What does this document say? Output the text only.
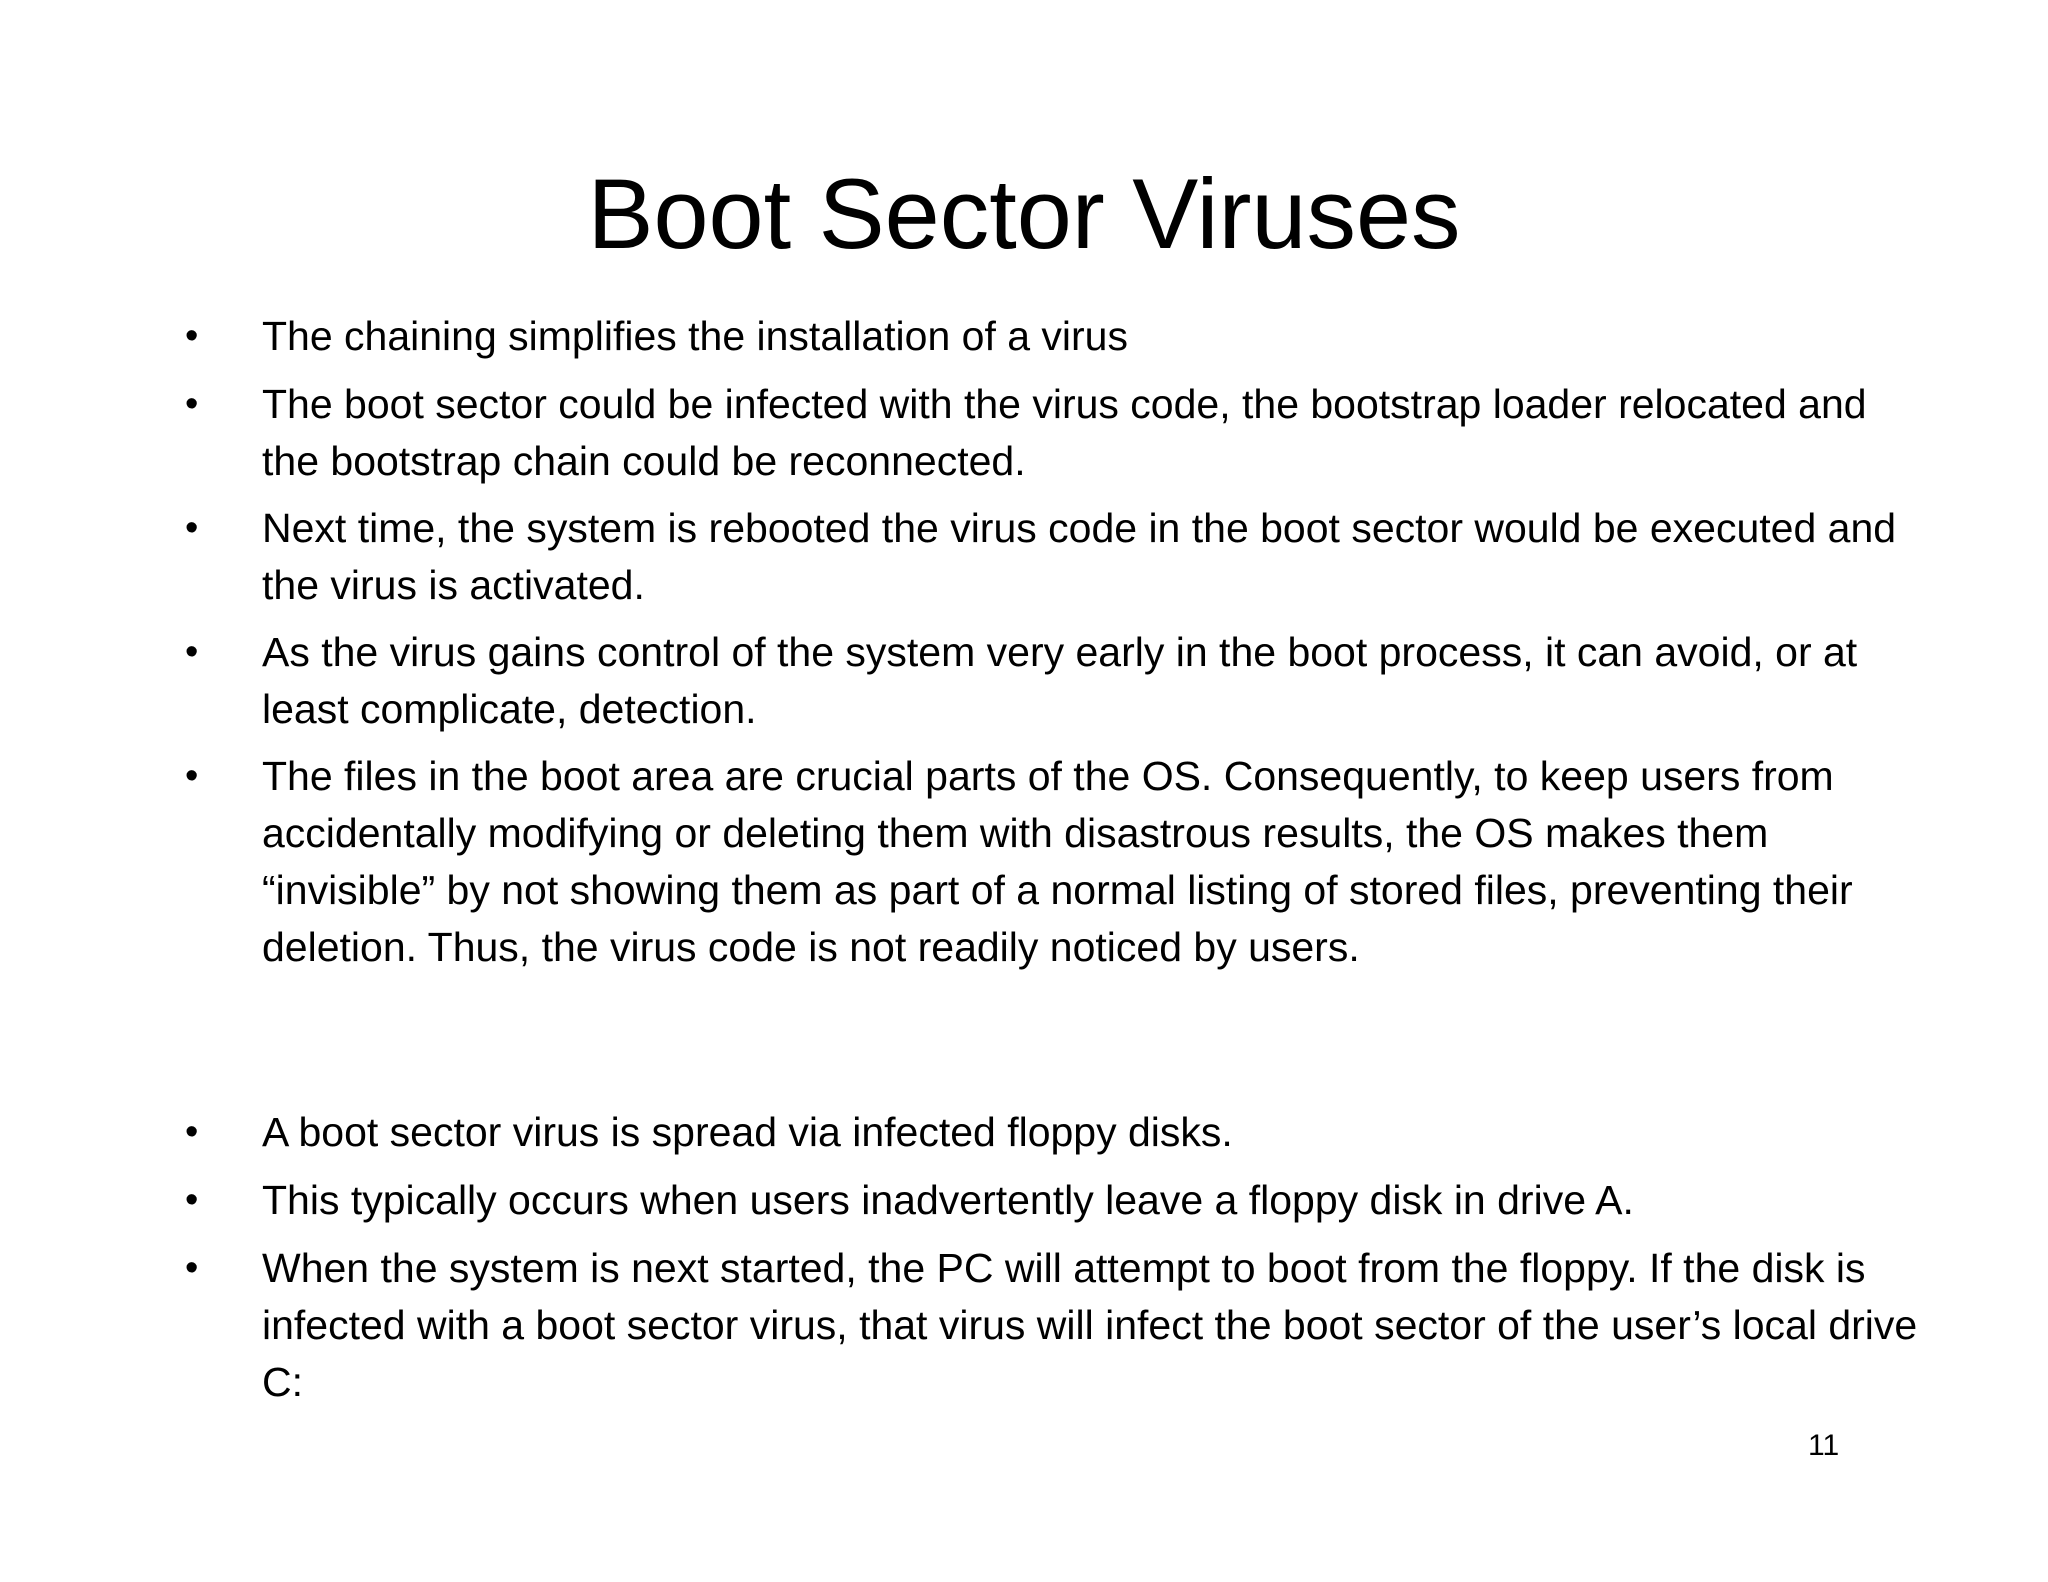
Boot Sector Viruses
•	The chaining simplifies the installation of a virus
•	The boot sector could be infected with the virus code, the bootstrap loader relocated and the bootstrap chain could be reconnected.
•	Next time, the system is rebooted the virus code in the boot sector would be executed and the virus is activated.
•	As the virus gains control of the system very early in the boot process, it can avoid, or at least complicate, detection.
•	The files in the boot area are crucial parts of the OS. Consequently, to keep users from accidentally modifying or deleting them with disastrous results, the OS makes them “invisible” by not showing them as part of a normal listing of stored files, preventing their deletion. Thus, the virus code is not readily noticed by users.
•	A boot sector virus is spread via infected floppy disks.
•	This typically occurs when users inadvertently leave a floppy disk in drive A.
•	When the system is next started, the PC will attempt to boot from the floppy. If the disk is infected with a boot sector virus, that virus will infect the boot sector of the user’s local drive C:
11
